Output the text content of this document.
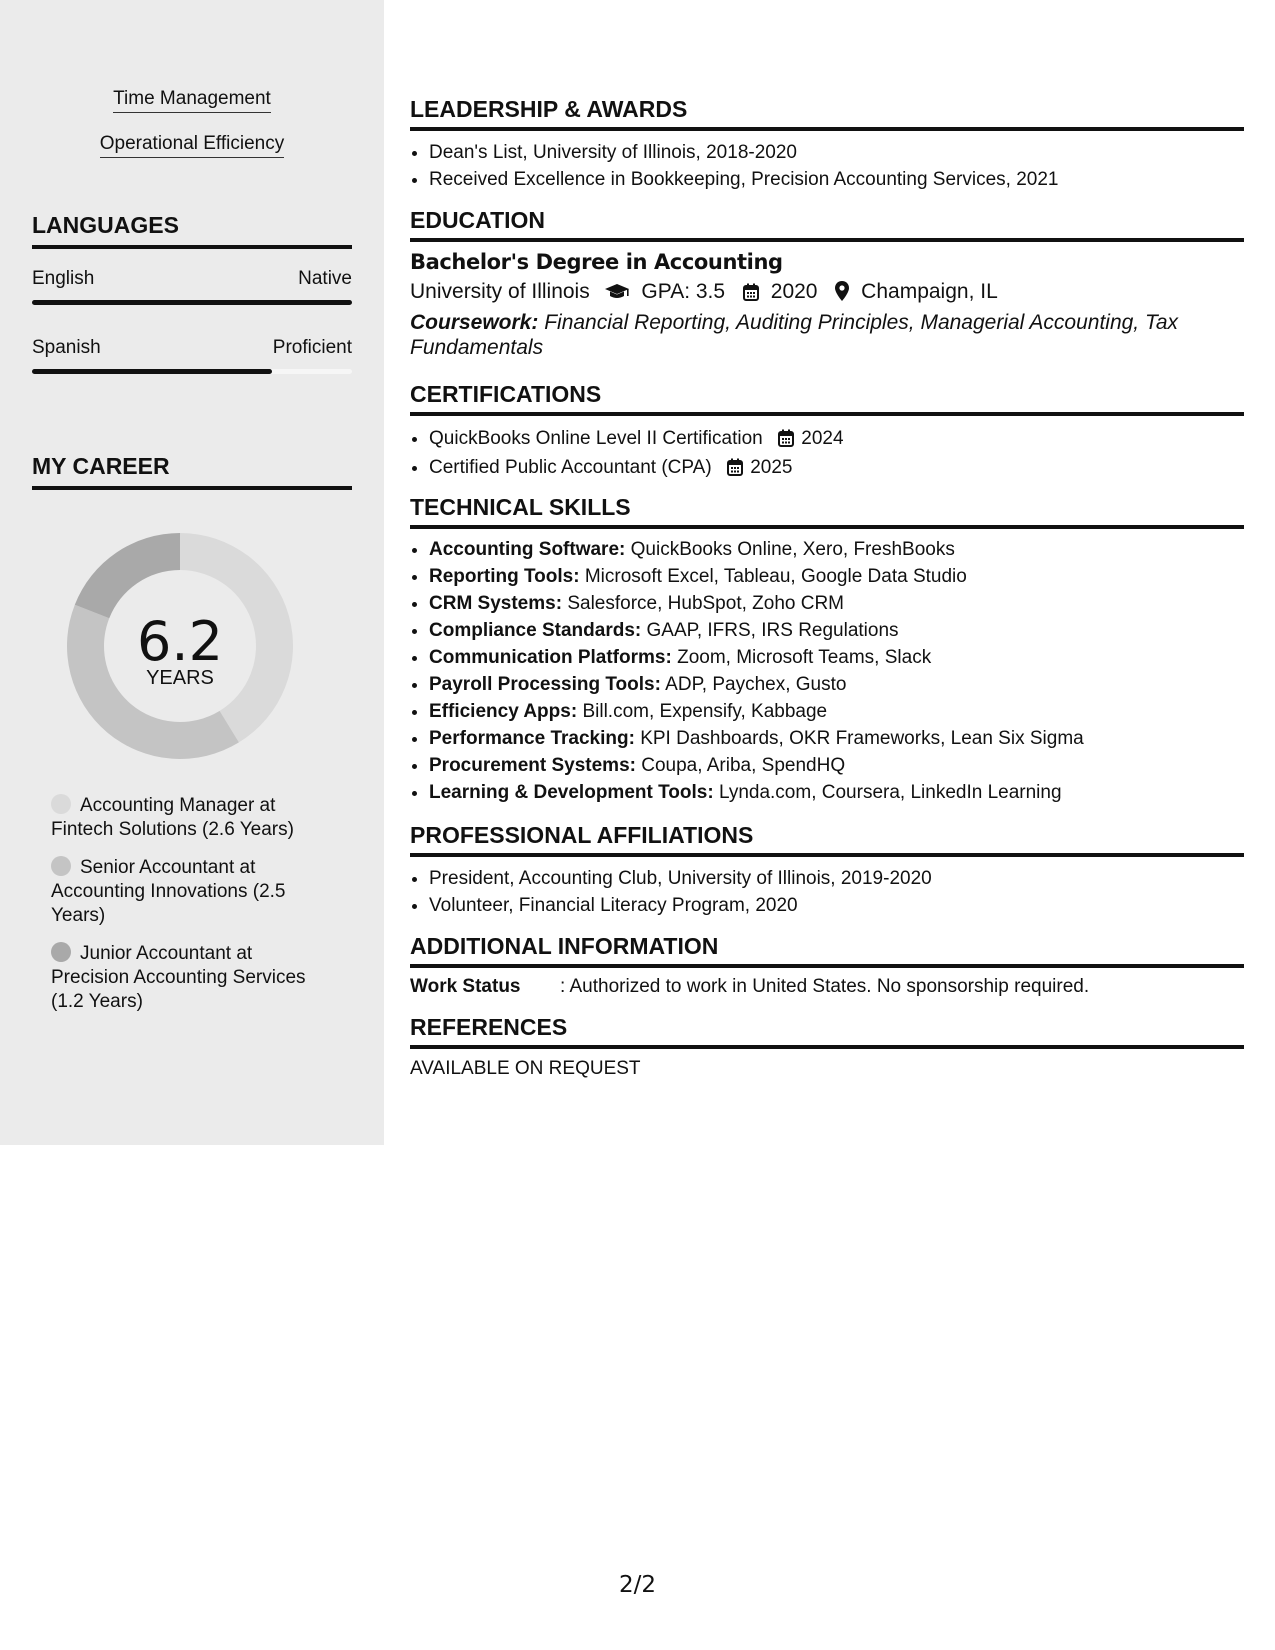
Time Management
Operational Efficiency
LANGUAGES
English	Native
Spanish	Proficient
MY CAREER
6.2
YEARS
Accounting Manager at Fintech Solutions (2.6 Years)
Senior Accountant at Accounting Innovations (2.5 Years)
Junior Accountant at Precision Accounting Services (1.2 Years)
LEADERSHIP & AWARDS
• Dean's List, University of Illinois, 2018-2020
• Received Excellence in Bookkeeping, Precision Accounting Services, 2021
EDUCATION
Bachelor's Degree in Accounting
University of Illinois GPA: 3.5 2020 Champaign, IL
Coursework: Financial Reporting, Auditing Principles, Managerial Accounting, Tax Fundamentals
CERTIFICATIONS
• QuickBooks Online Level II Certification 2024
• Certified Public Accountant (CPA) 2025
TECHNICAL SKILLS
• Accounting Software: QuickBooks Online, Xero, FreshBooks
• Reporting Tools: Microsoft Excel, Tableau, Google Data Studio
• CRM Systems: Salesforce, HubSpot, Zoho CRM
• Compliance Standards: GAAP, IFRS, IRS Regulations
• Communication Platforms: Zoom, Microsoft Teams, Slack
• Payroll Processing Tools: ADP, Paychex, Gusto
• Efficiency Apps: Bill.com, Expensify, Kabbage
• Performance Tracking: KPI Dashboards, OKR Frameworks, Lean Six Sigma
• Procurement Systems: Coupa, Ariba, SpendHQ
• Learning & Development Tools: Lynda.com, Coursera, LinkedIn Learning
PROFESSIONAL AFFILIATIONS
• President, Accounting Club, University of Illinois, 2019-2020
• Volunteer, Financial Literacy Program, 2020
ADDITIONAL INFORMATION
Work Status	: Authorized to work in United States. No sponsorship required.
REFERENCES
AVAILABLE ON REQUEST
2/2
